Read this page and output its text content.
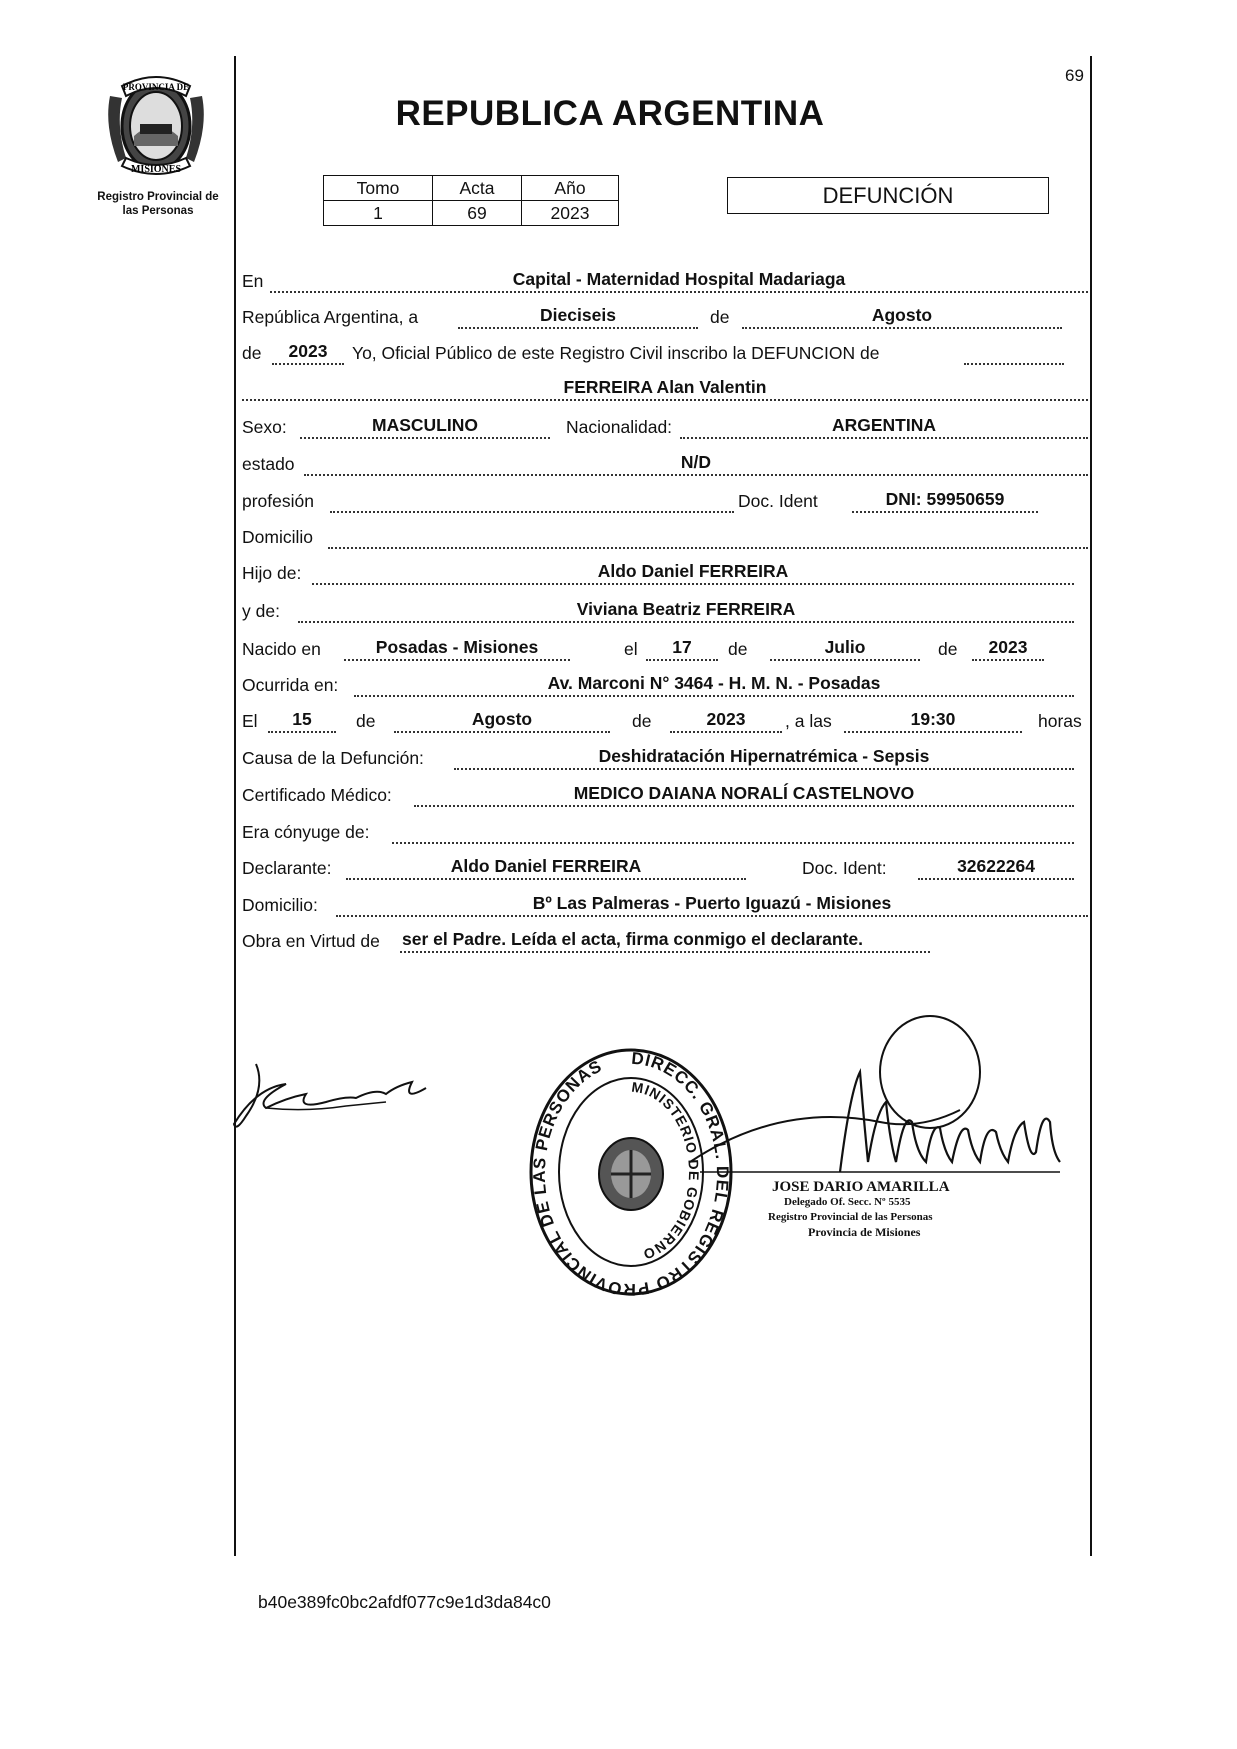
PROVINCIA DE
MISIONES
Registro Provincial de
las Personas
69
REPUBLICA ARGENTINA
Tomo	Acta	Año
1	69	2023
DEFUNCIÓN
En	Capital - Maternidad Hospital Madariaga
República Argentina, a	Dieciseis	de	Agosto
de	2023	Yo, Oficial Público de este Registro Civil inscribo la DEFUNCION de
FERREIRA Alan Valentin
Sexo:	MASCULINO	Nacionalidad:	ARGENTINA
estado	N/D
profesión	Doc. Ident	DNI: 59950659
Domicilio
Hijo de:	Aldo Daniel FERREIRA
y de:	Viviana Beatriz FERREIRA
Nacido en	Posadas - Misiones	el	17	de	Julio	de	2023
Ocurrida en:	Av. Marconi N° 3464 - H. M. N. - Posadas
El	15	de	Agosto	de	2023	, a las	19:30	horas
Causa de la Defunción:	Deshidratación Hipernatrémica - Sepsis
Certificado Médico:	MEDICO DAIANA NORALÍ CASTELNOVO
Era cónyuge de:
Declarante:	Aldo Daniel FERREIRA	Doc. Ident:	32622264
Domicilio:	Bº Las Palmeras - Puerto Iguazú - Misiones
Obra en Virtud de ser el Padre. Leída el acta, firma conmigo el declarante.
DIRECC. GRAL. DEL REGISTRO PROVINCIAL DE LAS PERSONAS
MINISTERIO DE GOBIERNO
JOSE DARIO AMARILLA
Delegado Of. Secc. Nº 5535
Registro Provincial de las Personas
Provincia de Misiones
b40e389fc0bc2afdf077c9e1d3da84c0
